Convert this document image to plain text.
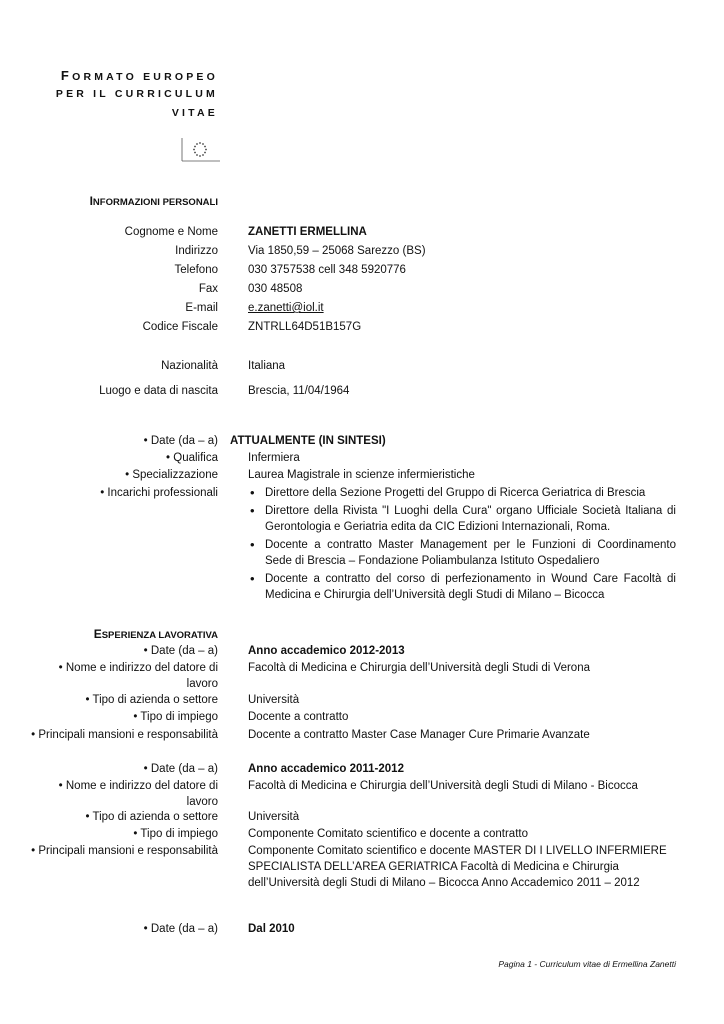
FORMATO EUROPEO
PER IL CURRICULUM
VITAE
INFORMAZIONI PERSONALI
Cognome e Nome	ZANETTI ERMELLINA
Indirizzo	Via 1850,59 – 25068 Sarezzo (BS)
Telefono	030 3757538 cell 348 5920776
Fax	030 48508
E-mail	e.zanetti@iol.it
Codice Fiscale	ZNTRLL64D51B157G
Nazionalità	Italiana
Luogo e data di nascita	Brescia, 11/04/1964
• Date (da – a) ATTUALMENTE (IN SINTESI)
• Qualifica	Infermiera
• Specializzazione	Laurea Magistrale in scienze infermieristiche
• Incarichi professionali
•	Direttore della Sezione Progetti del Gruppo di Ricerca Geriatrica di Brescia
• Direttore della Rivista "I Luoghi della Cura" organo Ufficiale Società Italiana di Gerontologia e Geriatria edita da CIC Edizioni Internazionali, Roma.
• Docente a contratto Master Management per le Funzioni di Coordinamento Sede di Brescia – Fondazione Poliambulanza Istituto Ospedaliero
• Docente a contratto del corso di perfezionamento in Wound Care Facoltà di Medicina e Chirurgia dell’Università degli Studi di Milano – Bicocca
ESPERIENZA LAVORATIVA
• Date (da – a)	Anno accademico 2012-2013
• Nome e indirizzo del datore di lavoro
Facoltà di Medicina e Chirurgia dell’Università degli Studi di Verona
• Tipo di azienda o settore	Università
• Tipo di impiego	Docente a contratto
• Principali mansioni e responsabilità	Docente a contratto Master Case Manager Cure Primarie Avanzate
• Date (da – a)	Anno accademico 2011-2012
• Nome e indirizzo del datore di lavoro
Facoltà di Medicina e Chirurgia dell’Università degli Studi di Milano - Bicocca
• Tipo di azienda o settore	Università
• Tipo di impiego	Componente Comitato scientifico e docente a contratto
• Principali mansioni e responsabilità	Componente Comitato scientifico e docente MASTER DI I LIVELLO INFERMIERE SPECIALISTA DELL’AREA GERIATRICA Facoltà di Medicina e Chirurgia dell’Università degli Studi di Milano – Bicocca Anno Accademico 2011 – 2012
• Date (da – a)	Dal 2010
Pagina 1 - Curriculum vitae di Ermellina Zanetti
